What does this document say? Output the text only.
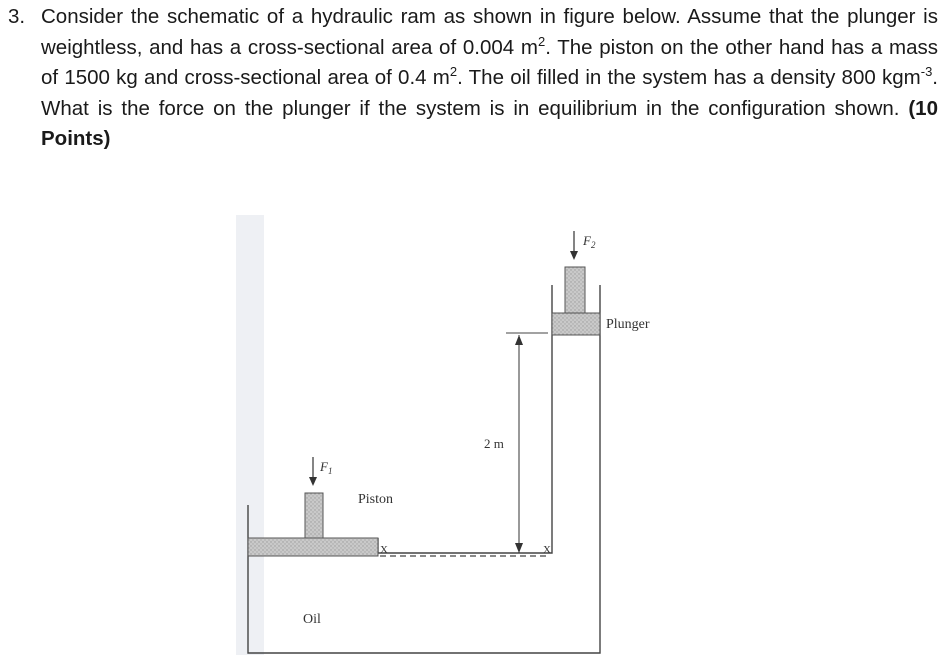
3. Consider the schematic of a hydraulic ram as shown in figure below. Assume that the plunger is weightless, and has a cross-sectional area of 0.004 $m^2$. The piston on the other hand has a mass of 1500 kg and cross-sectional area of 0.4 $m^2$. The oil filled in the system has a density 800 kgm$^{-3}$. What is the force on the plunger if the system is in equilibrium in the configuration shown. (10 Points)
$F_1$
$F_2$
2 m
X	X
Piston
Plunger
Oil
